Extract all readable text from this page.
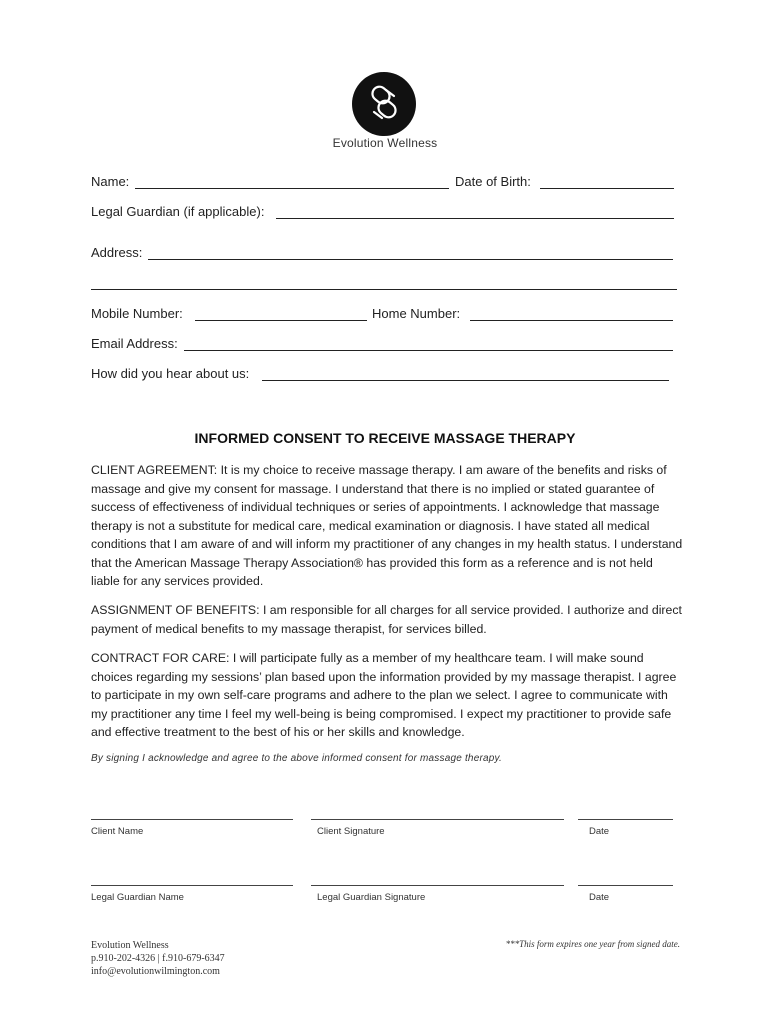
Evolution Wellness
Name:	Date of Birth:
Legal Guardian (if applicable):
Address:
Mobile Number:	Home Number:
Email Address:
How did you hear about us:
INFORMED CONSENT TO RECEIVE MASSAGE THERAPY
CLIENT AGREEMENT: It is my choice to receive massage therapy. I am aware of the benefits and risks of massage and give my consent for massage. I understand that there is no implied or stated guarantee of success of effectiveness of individual techniques or series of appointments. I acknowledge that massage therapy is not a substitute for medical care, medical examination or diagnosis. I have stated all medical conditions that I am aware of and will inform my practitioner of any changes in my health status. I understand that the American Massage Therapy Association® has provided this form as a reference and is not held liable for any services provided.
ASSIGNMENT OF BENEFITS: I am responsible for all charges for all service provided. I authorize and direct payment of medical benefits to my massage therapist, for services billed.
CONTRACT FOR CARE: I will participate fully as a member of my healthcare team. I will make sound choices regarding my sessions’ plan based upon the information provided by my massage therapist. I agree to participate in my own self-care programs and adhere to the plan we select. I agree to communicate with my practitioner any time I feel my well-being is being compromised. I expect my practitioner to provide safe and effective treatment to the best of his or her skills and knowledge.
By signing I acknowledge and agree to the above informed consent for massage therapy.
Client Name	Client Signature	Date
Legal Guardian Name	Legal Guardian Signature	Date
Evolution Wellness
p.910-202-4326 | f.910-679-6347
info@evolutionwilmington.com
***This form expires one year from signed date.
